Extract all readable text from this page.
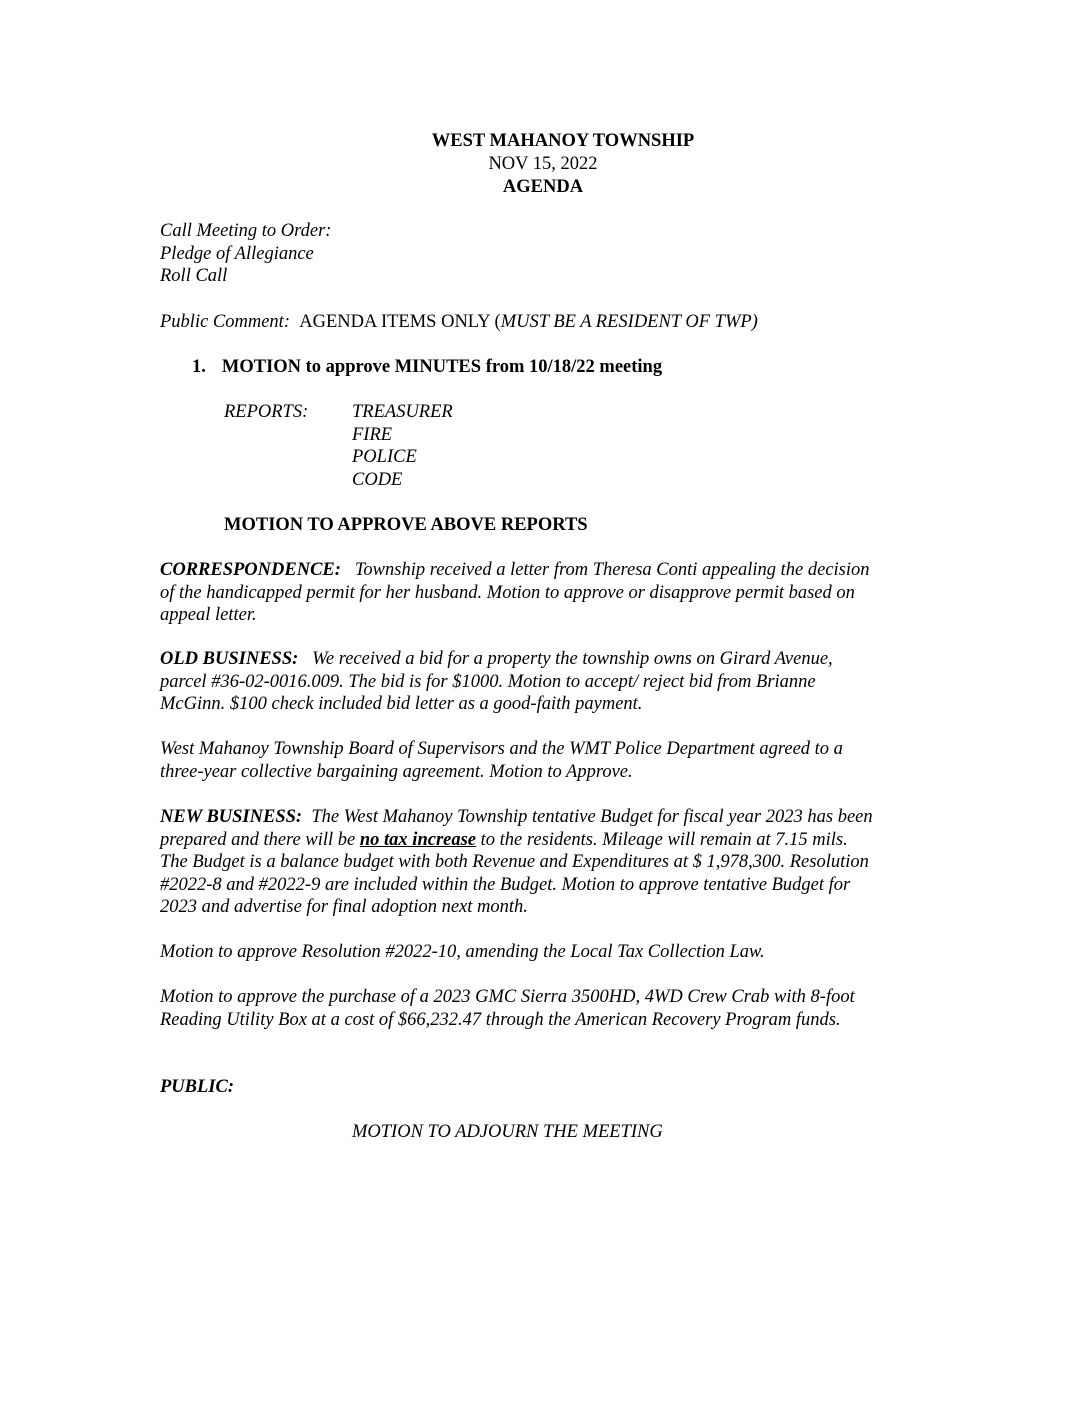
WEST MAHANOY TOWNSHIP
NOV 15, 2022
AGENDA
Call Meeting to Order:
Pledge of Allegiance
Roll Call
Public Comment: AGENDA ITEMS ONLY (MUST BE A RESIDENT OF TWP)
1. MOTION to approve MINUTES from 10/18/22 meeting
REPORTS: TREASURER
FIRE
POLICE
CODE
MOTION TO APPROVE ABOVE REPORTS
CORRESPONDENCE: Township received a letter from Theresa Conti appealing the decision
of the handicapped permit for her husband. Motion to approve or disapprove permit based on
appeal letter.
OLD BUSINESS: We received a bid for a property the township owns on Girard Avenue,
parcel #36-02-0016.009. The bid is for $1000. Motion to accept/ reject bid from Brianne
McGinn. $100 check included bid letter as a good-faith payment.
West Mahanoy Township Board of Supervisors and the WMT Police Department agreed to a
three-year collective bargaining agreement. Motion to Approve.
NEW BUSINESS: The West Mahanoy Township tentative Budget for fiscal year 2023 has been
prepared and there will be no tax increase to the residents. Mileage will remain at 7.15 mils.
The Budget is a balance budget with both Revenue and Expenditures at $ 1,978,300. Resolution
#2022-8 and #2022-9 are included within the Budget. Motion to approve tentative Budget for
2023 and advertise for final adoption next month.
Motion to approve Resolution #2022-10, amending the Local Tax Collection Law.
Motion to approve the purchase of a 2023 GMC Sierra 3500HD, 4WD Crew Crab with 8-foot
Reading Utility Box at a cost of $66,232.47 through the American Recovery Program funds.
PUBLIC:
MOTION TO ADJOURN THE MEETING
